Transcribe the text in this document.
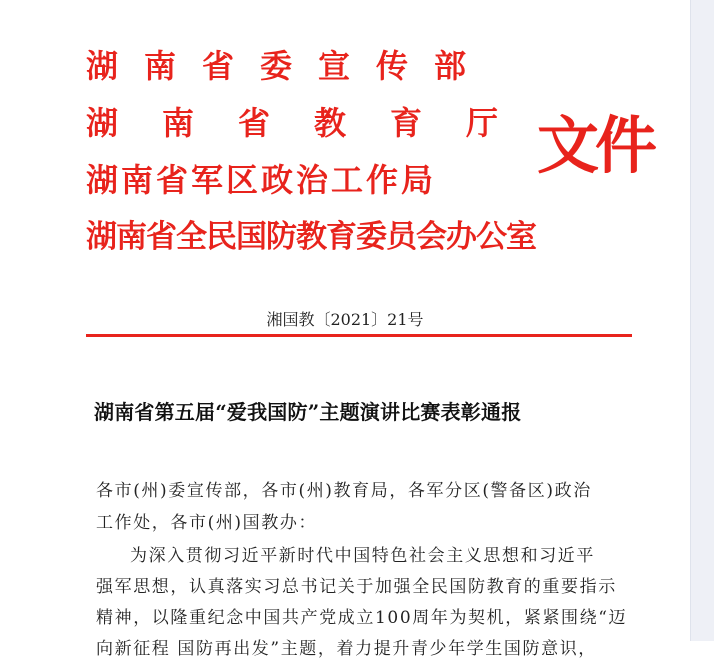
湖南省委宣传部
湖南省教育厅
湖南省军区政治工作局
湖南省全民国防教育委员会办公室
文件
湘国教〔2021〕21号
湖南省第五届“爱我国防”主题演讲比赛表彰通报
各市(州)委宣传部，各市(州)教育局，各军分区(警备区)政治
工作处，各市(州)国教办：
为深入贯彻习近平新时代中国特色社会主义思想和习近平
强军思想，认真落实习总书记关于加强全民国防教育的重要指示
精神，以隆重纪念中国共产党成立100周年为契机，紧紧围绕“迈
向新征程 国防再出发”主题，着力提升青少年学生国防意识，
